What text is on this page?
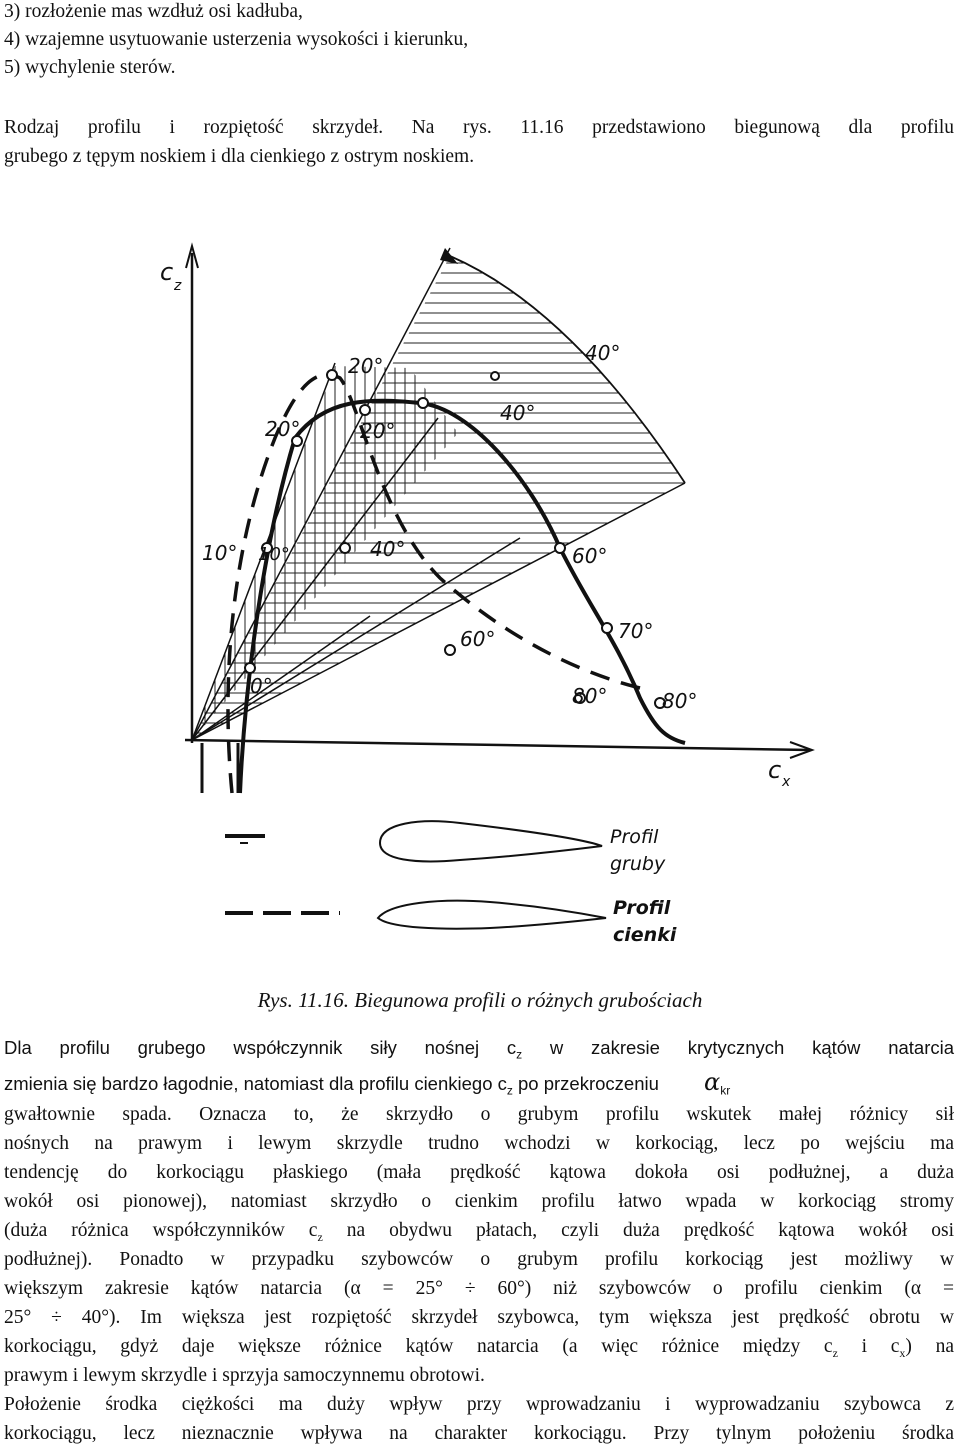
3) rozłożenie mas wzdłuż osi kadłuba,
4) wzajemne usytuowanie usterzenia wysokości i kierunku,
5) wychylenie sterów.
Rodzaj profilu i rozpiętość skrzydeł. Na rys. 11.16 przedstawiono biegunową dla profilu
grubego z tępym noskiem i dla cienkiego z ostrym noskiem.
c z
c x
20°
20°
10° 10°
0°
40°	60°
70°
80°
20°
40°
40°
60°
80°
Profil
gruby
Profil
cienki
Rys. 11.16. Biegunowa profili o różnych grubościach
Dla profilu grubego współczynnik siły nośnej $c_z$ w zakresie krytycznych kątów natarcia
zmienia się bardzo łagodnie, natomiast dla profilu cienkiego $c_z$ po przekroczeniu $\alpha_{kr}$
gwałtownie spada. Oznacza to, że skrzydło o grubym profilu wskutek małej różnicy sił
nośnych na prawym i lewym skrzydle trudno wchodzi w korkociąg, lecz po wejściu ma
tendencję do korkociągu płaskiego (mała prędkość kątowa dokoła osi podłużnej, a duża
wokół osi pionowej), natomiast skrzydło o cienkim profilu łatwo wpada w korkociąg stromy
(duża różnica współczynników $c_z$ na obydwu płatach, czyli duża prędkość kątowa wokół osi
podłużnej). Ponadto w przypadku szybowców o grubym profilu korkociąg jest możliwy w
większym zakresie kątów natarcia (α = 25° ÷ 60°) niż szybowców o profilu cienkim (α =
25° ÷ 40°). Im większa jest rozpiętość skrzydeł szybowca, tym większa jest prędkość obrotu w
korkociągu, gdyż daje większe różnice kątów natarcia (a więc różnice między $c_z$ i $c_x$) na
prawym i lewym skrzydle i sprzyja samoczynnemu obrotowi.
Położenie środka ciężkości ma duży wpływ przy wprowadzaniu i wyprowadzaniu szybowca z
korkociągu, lecz nieznacznie wpływa na charakter korkociągu. Przy tylnym położeniu środka
